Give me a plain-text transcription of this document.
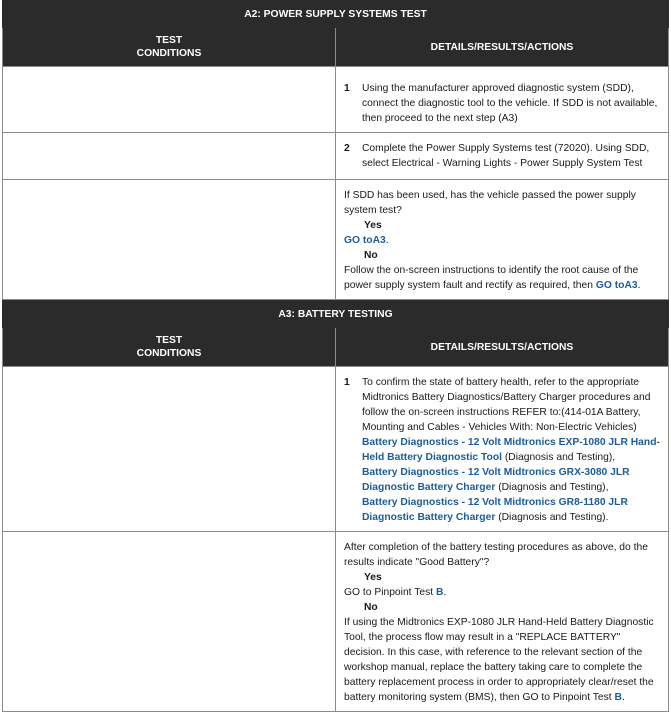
A2: POWER SUPPLY SYSTEMS TEST	
TEST
CONDITIONS	DETAILS/RESULTS/ACTIONS

	1 Using the manufacturer approved diagnostic system (SDD), connect the diagnostic tool to the vehicle. If SDD is not available, then proceed to the next step (A3)

	2 Complete the Power Supply Systems test (72020). Using SDD, select Electrical - Warning Lights - Power Supply System Test

	If SDD has been used, has the vehicle passed the power supply system test?
Yes
GO toA3.
No
Follow the on-screen instructions to identify the root cause of the power supply system fault and rectify as required, then GO toA3.
A3: BATTERY TESTING	
TEST
CONDITIONS	DETAILS/RESULTS/ACTIONS

	1 To confirm the state of battery health, refer to the appropriate Midtronics Battery Diagnostics/Battery Charger procedures and follow the on-screen instructions REFER to:(414-01A Battery, Mounting and Cables - Vehicles With: Non-Electric Vehicles)
Battery Diagnostics - 12 Volt Midtronics EXP-1080 JLR Hand-Held Battery Diagnostic Tool (Diagnosis and Testing),
Battery Diagnostics - 12 Volt Midtronics GRX-3080 JLR Diagnostic Battery Charger (Diagnosis and Testing),
Battery Diagnostics - 12 Volt Midtronics GR8-1180 JLR Diagnostic Battery Charger (Diagnosis and Testing).

	After completion of the battery testing procedures as above, do the results indicate "Good Battery"?
Yes
GO to Pinpoint Test B.
No
If using the Midtronics EXP-1080 JLR Hand-Held Battery Diagnostic Tool, the process flow may result in a "REPLACE BATTERY" decision. In this case, with reference to the relevant section of the workshop manual, replace the battery taking care to complete the battery replacement process in order to appropriately clear/reset the battery monitoring system (BMS), then GO to Pinpoint Test B.
